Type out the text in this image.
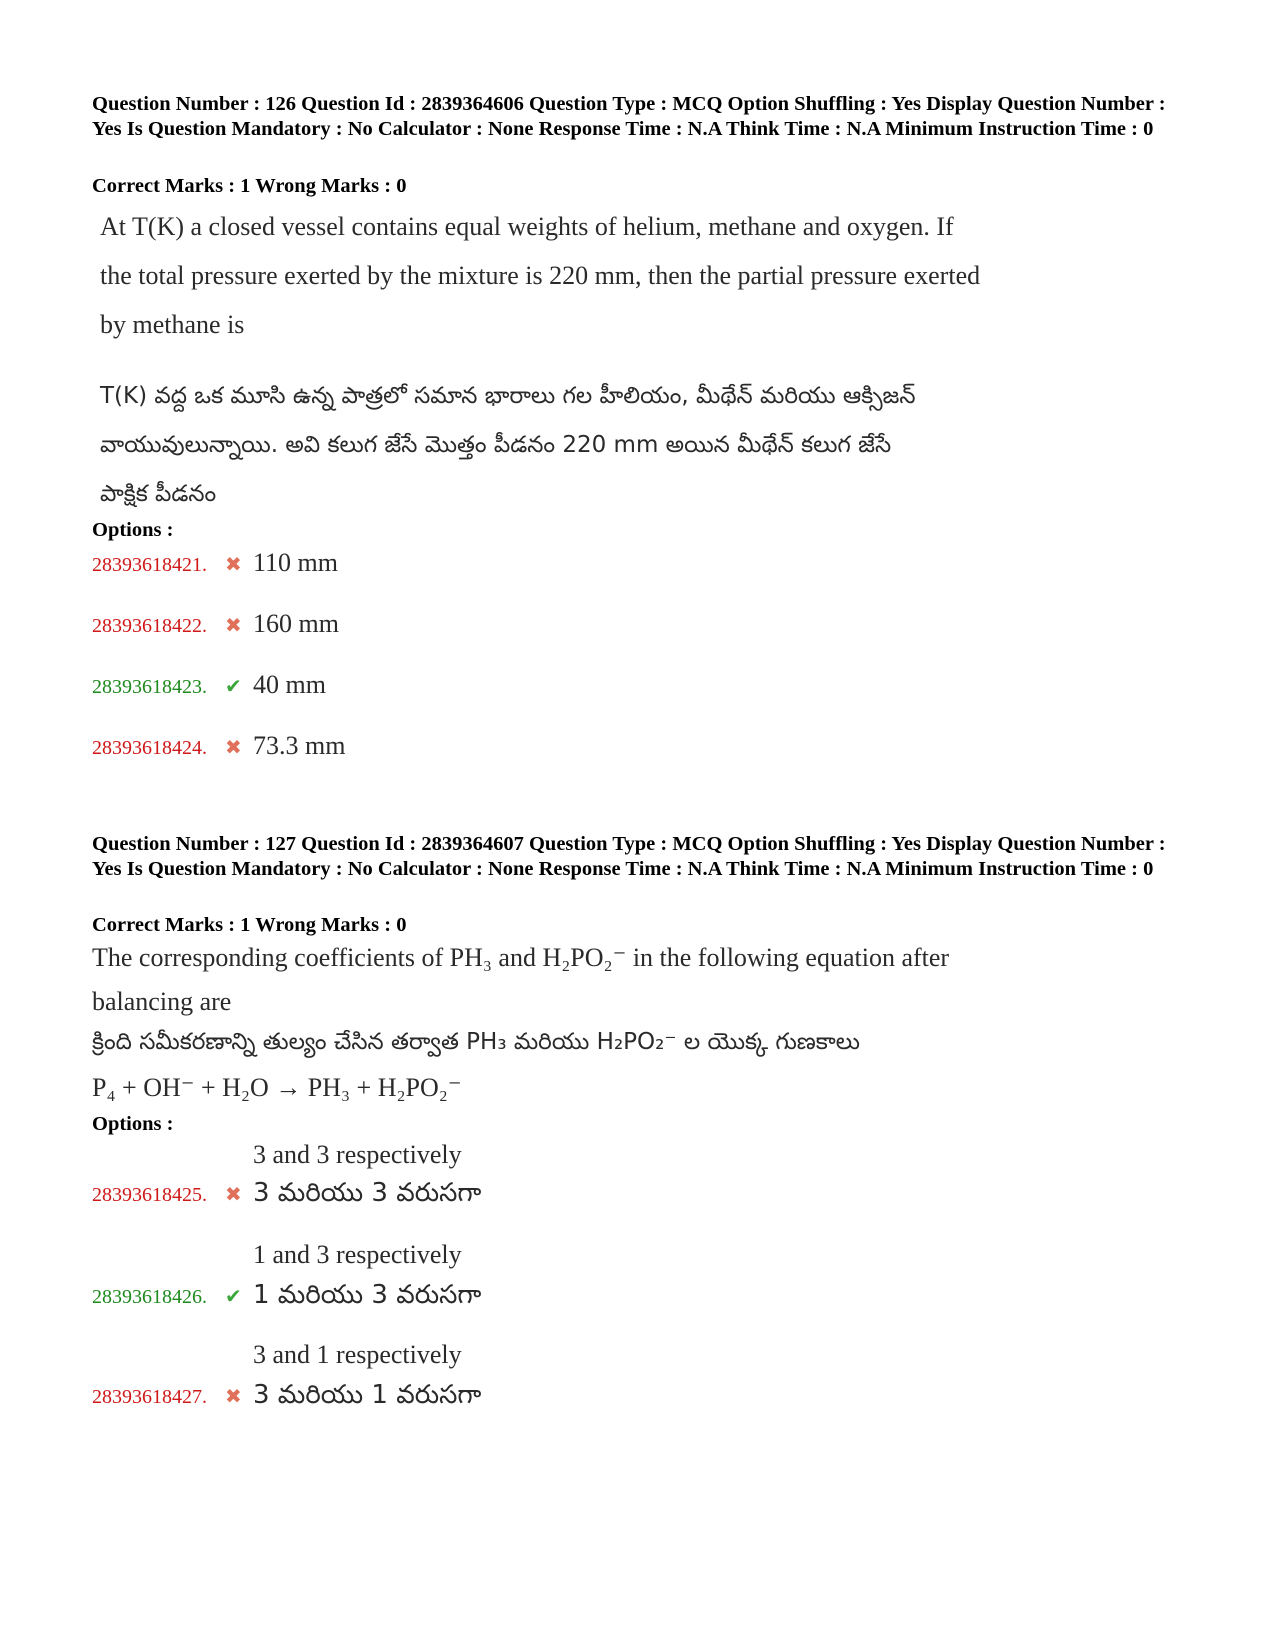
Question Number : 126 Question Id : 2839364606 Question Type : MCQ Option Shuffling : Yes Display Question Number : Yes Is Question Mandatory : No Calculator : None Response Time : N.A Think Time : N.A Minimum Instruction Time : 0
Correct Marks : 1 Wrong Marks : 0
At T(K) a closed vessel contains equal weights of helium, methane and oxygen. If
the total pressure exerted by the mixture is 220 mm, then the partial pressure exerted
by methane is
T(K) వద్ద ఒక మూసి ఉన్న పాత్రలో సమాన భారాలు గల హీలియం, మీథేన్ మరియు ఆక్సిజన్
వాయువులున్నాయి. అవి కలుగ జేసే మొత్తం పీడనం 220 mm అయిన మీథేన్ కలుగ జేసే
పాక్షిక పీడనం
Options :
28393618421. ✖ 110 mm
28393618422. ✖ 160 mm
28393618423. ✔ 40 mm
28393618424. ✖ 73.3 mm
Question Number : 127 Question Id : 2839364607 Question Type : MCQ Option Shuffling : Yes Display Question Number : Yes Is Question Mandatory : No Calculator : None Response Time : N.A Think Time : N.A Minimum Instruction Time : 0
Correct Marks : 1 Wrong Marks : 0
The corresponding coefficients of PH₃ and H₂PO₂⁻ in the following equation after
balancing are
క్రింది సమీకరణాన్ని తుల్యం చేసిన తర్వాత PH₃ మరియు H₂PO₂⁻ ల యొక్క గుణకాలు
P₄ + OH⁻ + H₂O → PH₃ + H₂PO₂⁻
Options :
3 and 3 respectively
28393618425. ✖ 3 మరియు 3 వరుసగా
1 and 3 respectively
28393618426. ✔ 1 మరియు 3 వరుసగా
3 and 1 respectively
28393618427. ✖ 3 మరియు 1 వరుసగా
